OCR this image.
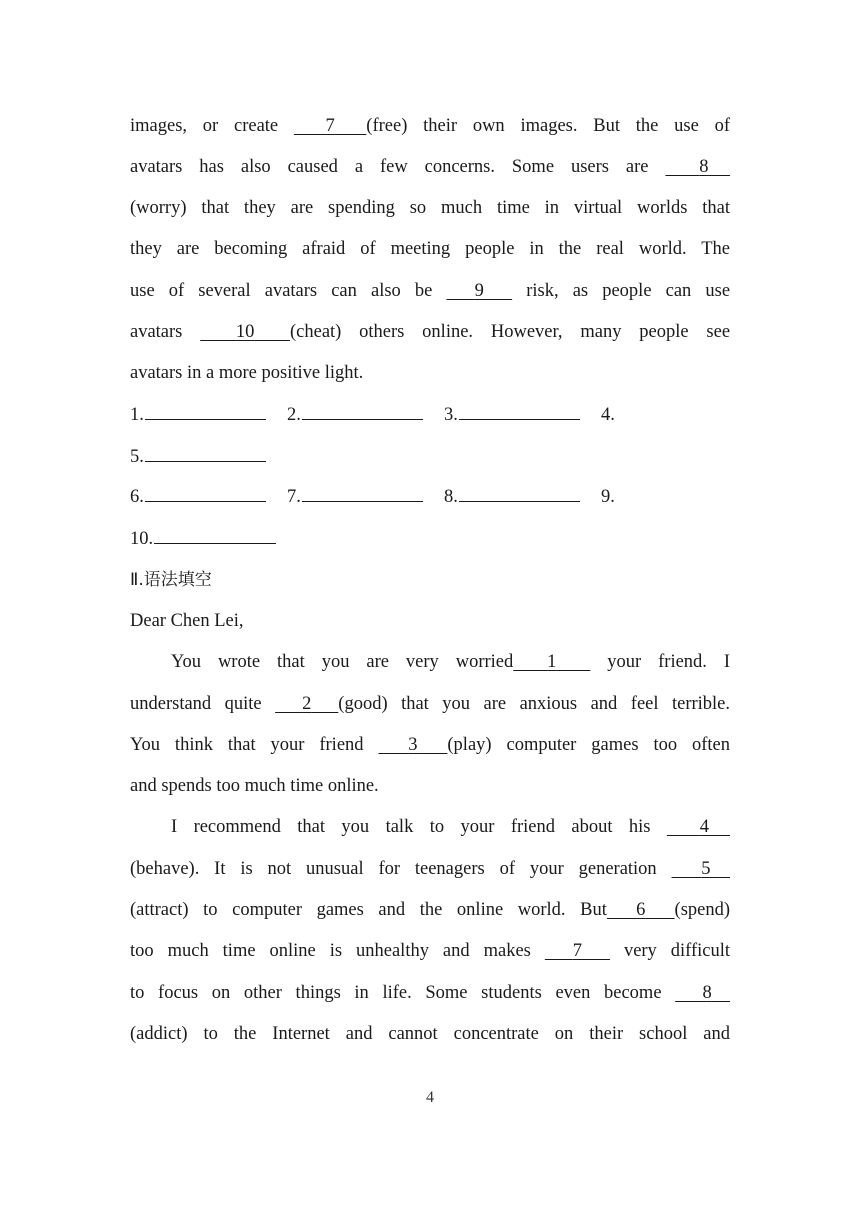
images, or create	7 (free) their own images. But the use of
avatars has also caused a few concerns. Some users are	8
(worry) that they are spending so much time in virtual worlds that
they are becoming afraid of meeting people in the real world. The
use of several avatars can also be 9 risk, as people can use
avatars	10 (cheat) others online. However, many people see
avatars in a more positive light.
1.	2.	3.	4.
5.
6.	7.	8.	9.
10.
Ⅱ.语法填空
Dear Chen Lei,
You wrote that you are very worried 1	your friend. I
understand quite 2 (good) that you are anxious and feel terrible.
You think that your friend 3 (play) computer games too often
and spends too much time online.
I recommend that you talk to your friend about his	4
(behave). It is not unusual for teenagers of your generation 5
(attract) to computer games and the online world. But 6 (spend)
too much time online is unhealthy and makes 7 very difficult
to focus on other things in life. Some students even become 8
(addict) to the Internet and cannot concentrate on their school and
4
